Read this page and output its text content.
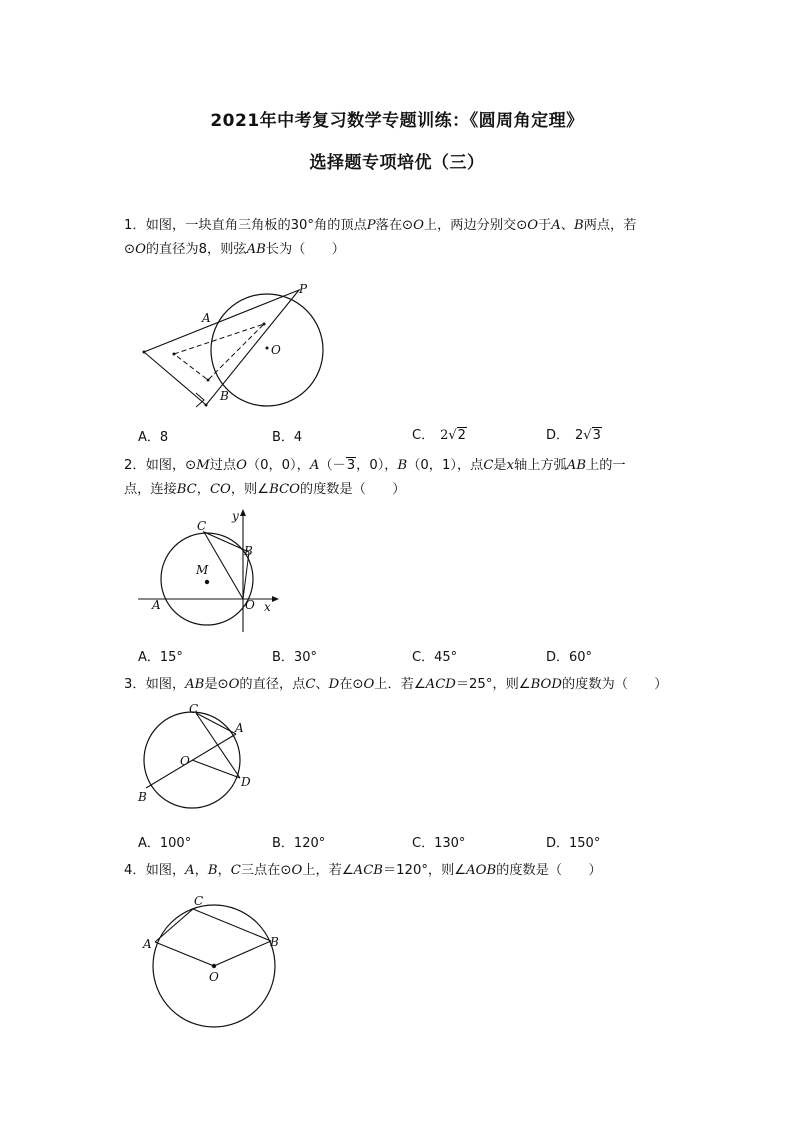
2021年中考复习数学专题训练：《圆周角定理》
选择题专项培优（三）
1．如图，一块直角三角板的30°角的顶点P落在⊙O上，两边分别交⊙O于A、B两点，若
⊙O的直径为8，则弦AB长为（　　）
P
A
O
B
A．8	B．4	C． 2√2	D． 2√3
2．如图，⊙M过点O（0，0），A（－3，0），B（0，1），点C是x轴上方弧AB上的一
点，连接BC，CO，则∠BCO的度数是（　　）
C
y
B
M
A	O x
A．15°	B．30°	C．45°	D．60°
3．如图，AB是⊙O的直径，点C、D在⊙O上．若∠ACD＝25°，则∠BOD的度数为（　　）
C
A
O
D
B
A．100°	B．120°	C．130°	D．150°
4．如图，A，B，C三点在⊙O上，若∠ACB＝120°，则∠AOB的度数是（　　）
C
A	B
O
